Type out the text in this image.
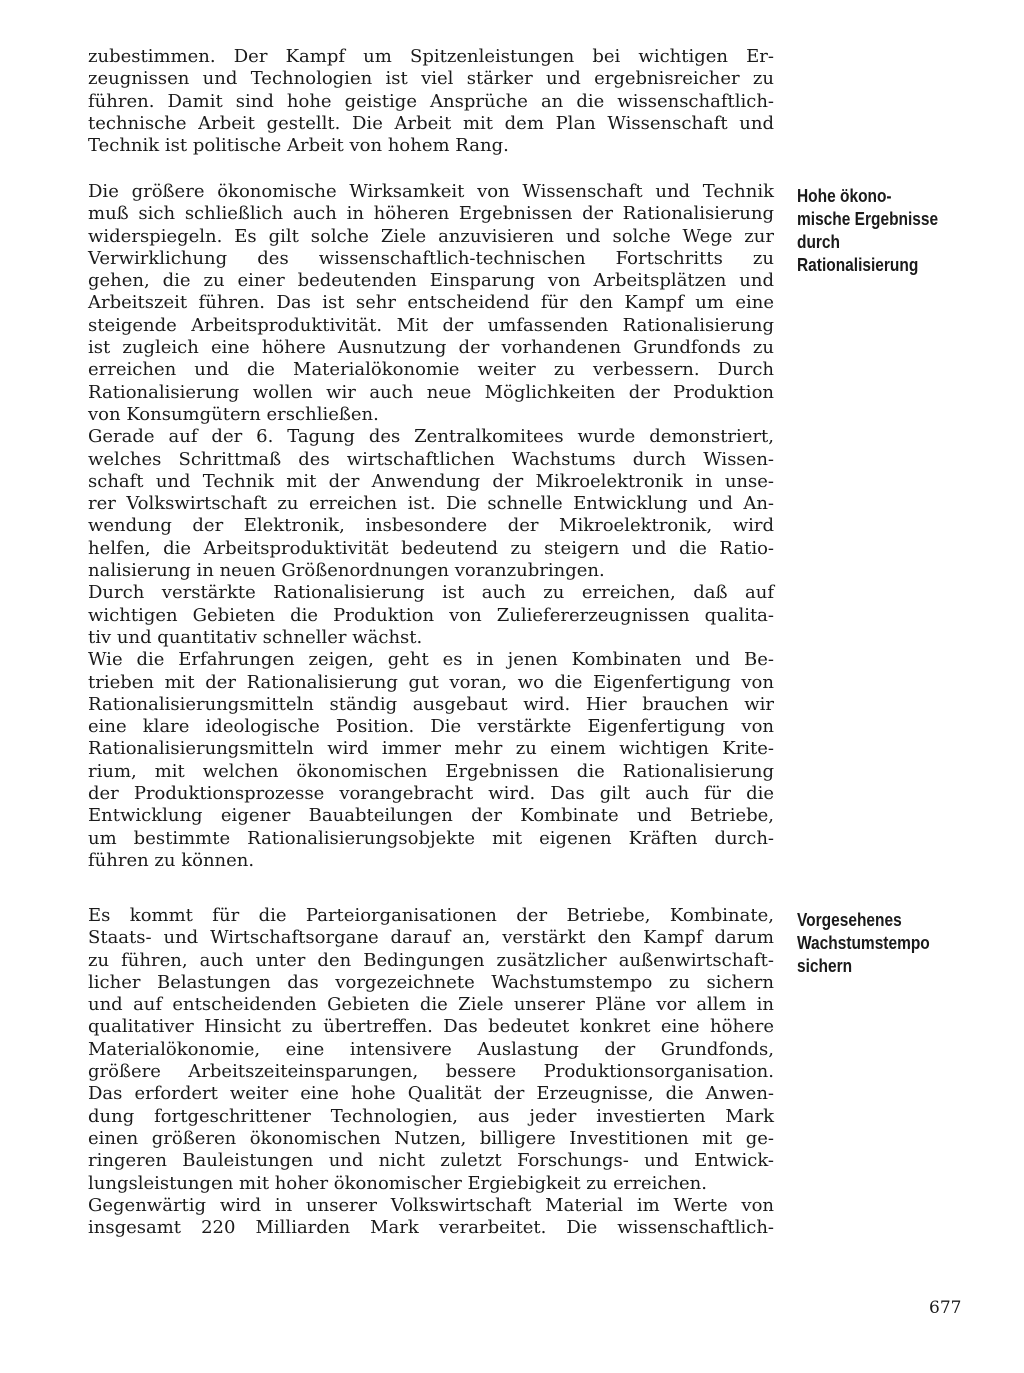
zubestimmen. Der Kampf um Spitzenleistungen bei wichtigen Er-
zeugnissen und Technologien ist viel stärker und ergebnisreicher zu
führen. Damit sind hohe geistige Ansprüche an die wissenschaftlich-
technische Arbeit gestellt. Die Arbeit mit dem Plan Wissenschaft und
Technik ist politische Arbeit von hohem Rang.
Die größere ökonomische Wirksamkeit von Wissenschaft und Technik
muß sich schließlich auch in höheren Ergebnissen der Rationalisierung
widerspiegeln. Es gilt solche Ziele anzuvisieren und solche Wege zur
Verwirklichung des wissenschaftlich-technischen Fortschritts zu
gehen, die zu einer bedeutenden Einsparung von Arbeitsplätzen und
Arbeitszeit führen. Das ist sehr entscheidend für den Kampf um eine
steigende Arbeitsproduktivität. Mit der umfassenden Rationalisierung
ist zugleich eine höhere Ausnutzung der vorhandenen Grundfonds zu
erreichen und die Materialökonomie weiter zu verbessern. Durch
Rationalisierung wollen wir auch neue Möglichkeiten der Produktion
von Konsumgütern erschließen.
Gerade auf der 6. Tagung des Zentralkomitees wurde demonstriert,
welches Schrittmaß des wirtschaftlichen Wachstums durch Wissen-
schaft und Technik mit der Anwendung der Mikroelektronik in unse-
rer Volkswirtschaft zu erreichen ist. Die schnelle Entwicklung und An-
wendung der Elektronik, insbesondere der Mikroelektronik, wird
helfen, die Arbeitsproduktivität bedeutend zu steigern und die Ratio-
nalisierung in neuen Größenordnungen voranzubringen.
Durch verstärkte Rationalisierung ist auch zu erreichen, daß auf
wichtigen Gebieten die Produktion von Zuliefererzeugnissen qualita-
tiv und quantitativ schneller wächst.
Wie die Erfahrungen zeigen, geht es in jenen Kombinaten und Be-
trieben mit der Rationalisierung gut voran, wo die Eigenfertigung von
Rationalisierungsmitteln ständig ausgebaut wird. Hier brauchen wir
eine klare ideologische Position. Die verstärkte Eigenfertigung von
Rationalisierungsmitteln wird immer mehr zu einem wichtigen Krite-
rium, mit welchen ökonomischen Ergebnissen die Rationalisierung
der Produktionsprozesse vorangebracht wird. Das gilt auch für die
Entwicklung eigener Bauabteilungen der Kombinate und Betriebe,
um bestimmte Rationalisierungsobjekte mit eigenen Kräften durch-
führen zu können.
Es kommt für die Parteiorganisationen der Betriebe, Kombinate,
Staats- und Wirtschaftsorgane darauf an, verstärkt den Kampf darum
zu führen, auch unter den Bedingungen zusätzlicher außenwirtschaft-
licher Belastungen das vorgezeichnete Wachstumstempo zu sichern
und auf entscheidenden Gebieten die Ziele unserer Pläne vor allem in
qualitativer Hinsicht zu übertreffen. Das bedeutet konkret eine höhere
Materialökonomie, eine intensivere Auslastung der Grundfonds,
größere Arbeitszeiteinsparungen, bessere Produktionsorganisation.
Das erfordert weiter eine hohe Qualität der Erzeugnisse, die Anwen-
dung fortgeschrittener Technologien, aus jeder investierten Mark
einen größeren ökonomischen Nutzen, billigere Investitionen mit ge-
ringeren Bauleistungen und nicht zuletzt Forschungs- und Entwick-
lungsleistungen mit hoher ökonomischer Ergiebigkeit zu erreichen.
Gegenwärtig wird in unserer Volkswirtschaft Material im Werte von
insgesamt 220 Milliarden Mark verarbeitet. Die wissenschaftlich-
Hohe ökono-
mische Ergebnisse
durch
Rationalisierung
Vorgesehenes
Wachstumstempo
sichern
677
